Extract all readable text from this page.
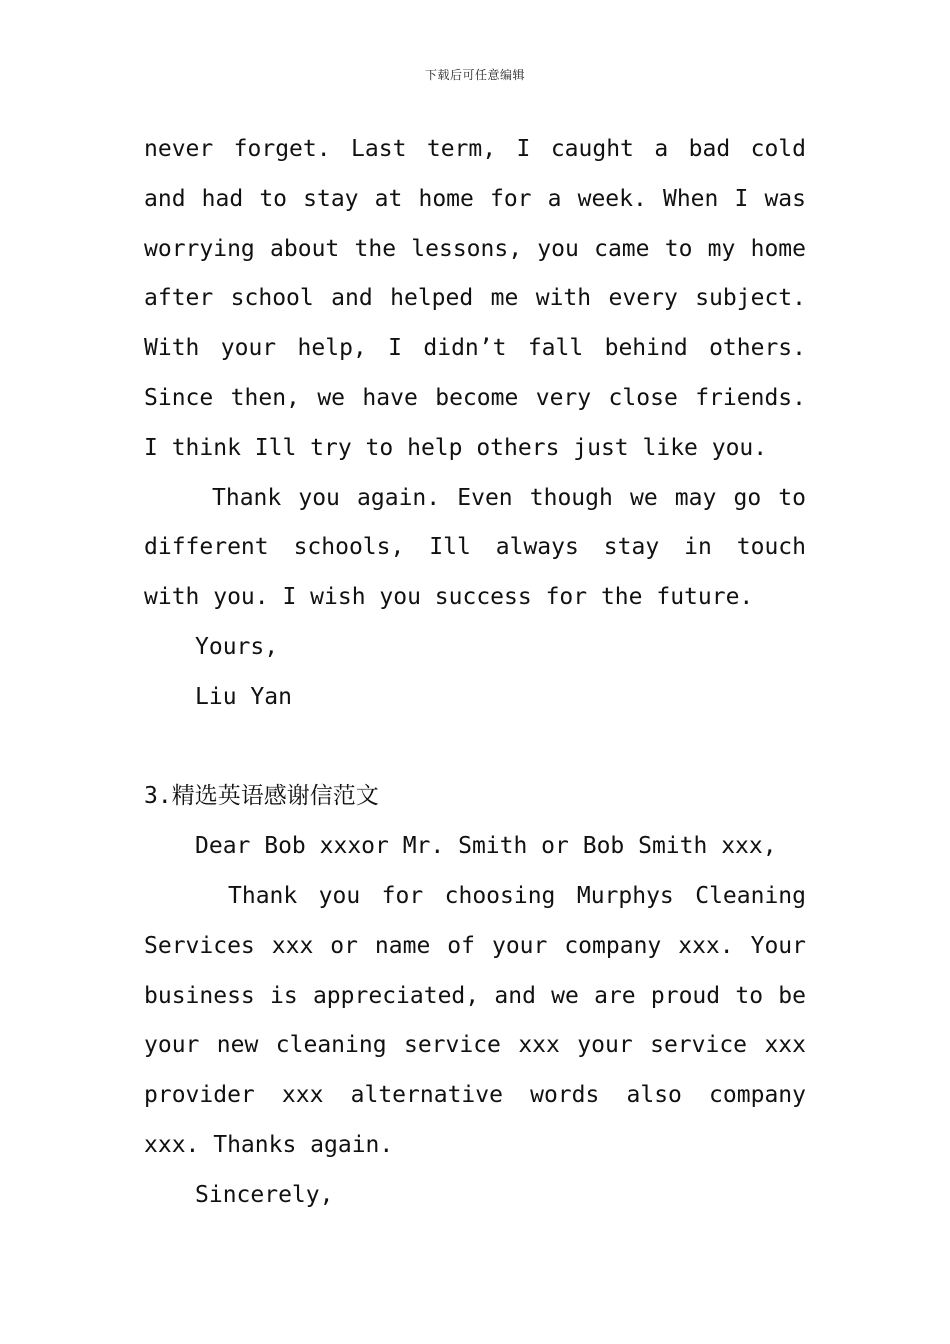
下载后可任意编辑

never forget. Last term, I caught a bad cold and had to stay at home for a week. When I was worrying about the lessons, you came to my home after school and helped me with every subject. With your help, I didn’t fall behind others. Since then, we have become very close friends. I think Ill try to help others just like you.

Thank you again. Even though we may go to different schools, Ill always stay in touch with you. I wish you success for the future.

Yours,

Liu Yan

3.精选英语感谢信范文

Dear Bob xxxor Mr. Smith or Bob Smith xxx,

Thank you for choosing Murphys Cleaning Services xxx or name of your company xxx. Your business is appreciated, and we are proud to be your new cleaning service xxx your service xxx provider xxx alternative words also company xxx. Thanks again.

Sincerely,
